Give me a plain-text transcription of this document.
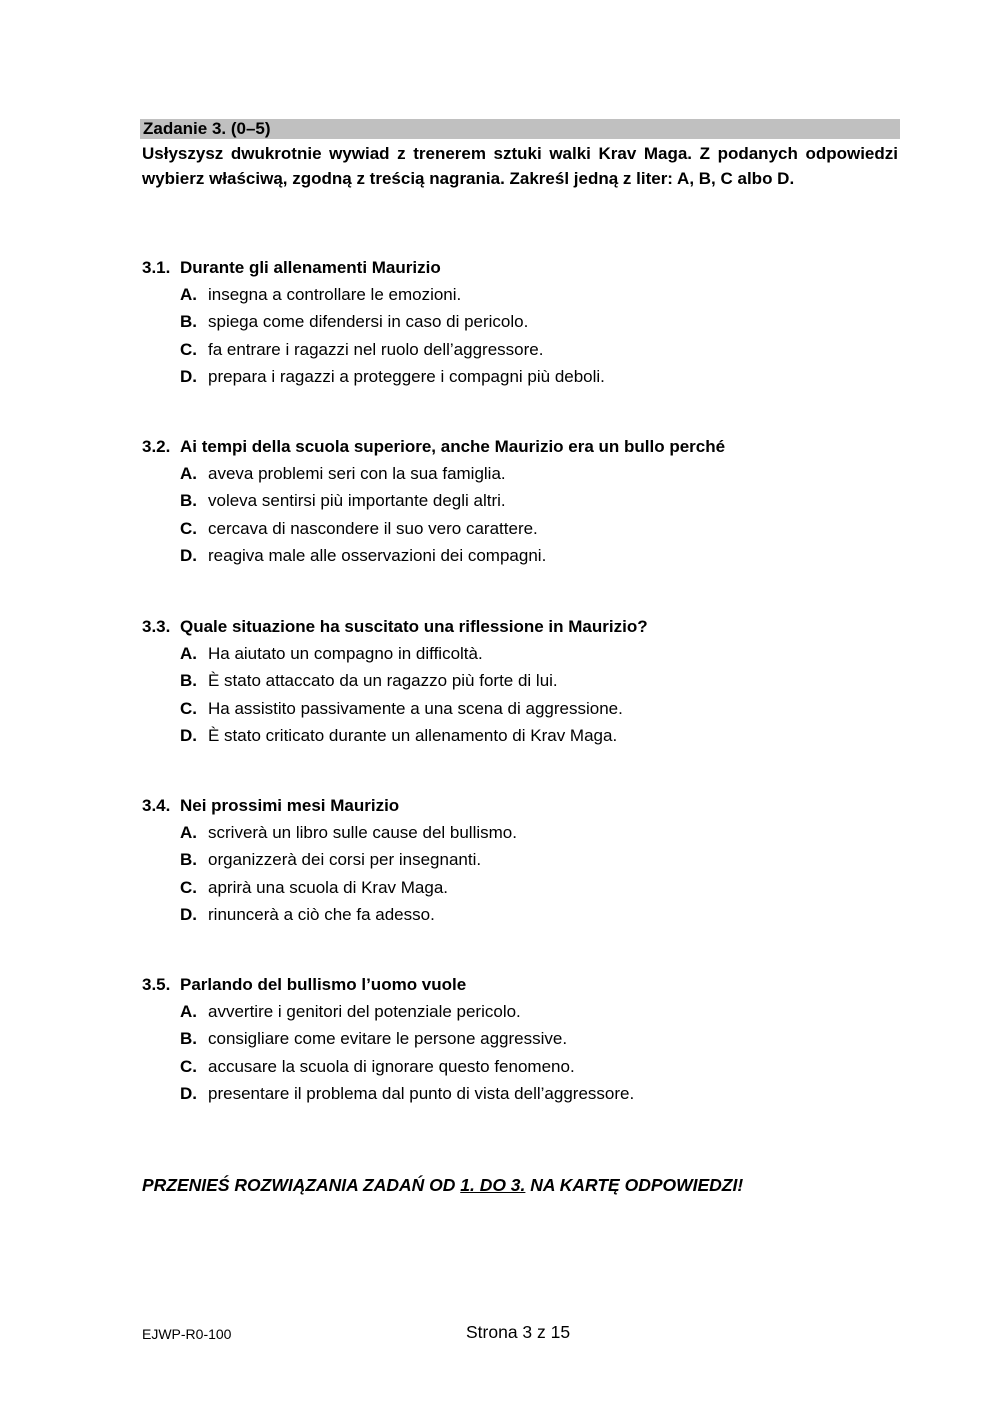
Zadanie 3. (0–5)

Usłyszysz dwukrotnie wywiad z trenerem sztuki walki Krav Maga. Z podanych odpowiedzi wybierz właściwą, zgodną z treścią nagrania. Zakreśl jedną z liter: A, B, C albo D.

3.1. Durante gli allenamenti Maurizio
A. insegna a controllare le emozioni.
B. spiega come difendersi in caso di pericolo.
C. fa entrare i ragazzi nel ruolo dell’aggressore.
D. prepara i ragazzi a proteggere i compagni più deboli.
3.2. Ai tempi della scuola superiore, anche Maurizio era un bullo perché
A. aveva problemi seri con la sua famiglia.
B. voleva sentirsi più importante degli altri.
C. cercava di nascondere il suo vero carattere.
D. reagiva male alle osservazioni dei compagni.
3.3. Quale situazione ha suscitato una riflessione in Maurizio?
A. Ha aiutato un compagno in difficoltà.
B. È stato attaccato da un ragazzo più forte di lui.
C. Ha assistito passivamente a una scena di aggressione.
D. È stato criticato durante un allenamento di Krav Maga.
3.4. Nei prossimi mesi Maurizio
A. scriverà un libro sulle cause del bullismo.
B. organizzerà dei corsi per insegnanti.
C. aprirà una scuola di Krav Maga.
D. rinuncerà a ciò che fa adesso.
3.5. Parlando del bullismo l’uomo vuole
A. avvertire i genitori del potenziale pericolo.
B. consigliare come evitare le persone aggressive.
C. accusare la scuola di ignorare questo fenomeno.
D. presentare il problema dal punto di vista dell’aggressore.
PRZENIEŚ ROZWIĄZANIA ZADAŃ OD 1. DO 3. NA KARTĘ ODPOWIEDZI!
EJWP-R0-100	Strona 3 z 15
